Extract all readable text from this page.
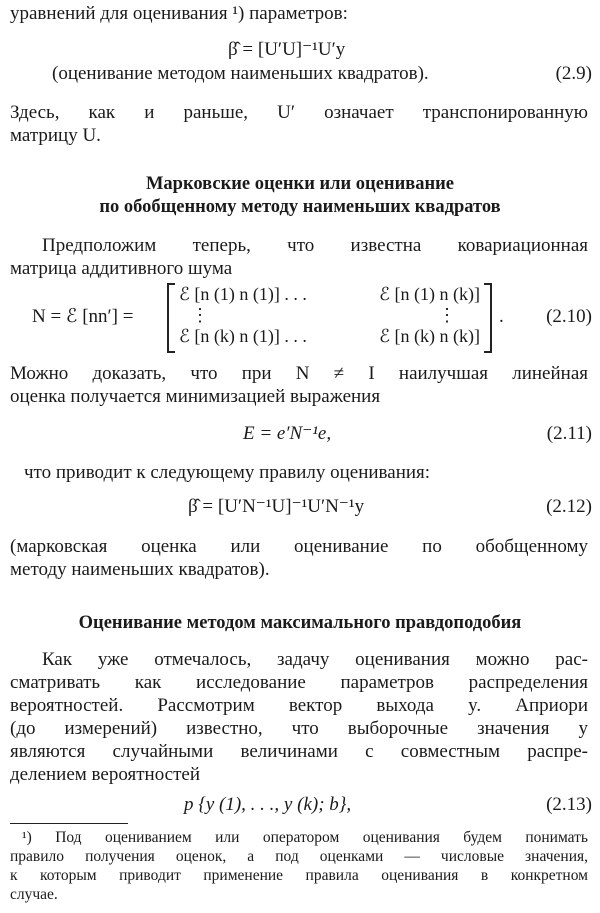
уравнений для оценивания ¹) параметров:
β̂ = [U′U]⁻¹U′y
(оценивание методом наименьших квадратов).	(2.9)
Здесь, как и раньше, U′ означает транспонированную
матрицу U.
Марковские оценки или оценивание
по обобщенному методу наименьших квадратов
Предположим теперь, что известна ковариационная
матрица аддитивного шума
N = ℰ [nn′] =
ℰ [n (1) n (1)] . . .	ℰ [n (1) n (k)]
⋮	⋮
ℰ [n (k) n (1)] . . .	ℰ [n (k) n (k)]
. (2.10)
Можно доказать, что при N ≠ I наилучшая линейная
оценка получается минимизацией выражения
E = e′N⁻¹e,	(2.11)
что приводит к следующему правилу оценивания:
β̂ = [U′N⁻¹U]⁻¹U′N⁻¹y	(2.12)
(марковская оценка или оценивание по обобщенному
методу наименьших квадратов).
Оценивание методом максимального правдоподобия
Как уже отмечалось, задачу оценивания можно рас-
сматривать как исследование параметров распределения
вероятностей. Рассмотрим вектор выхода y. Априори
(до измерений) известно, что выборочные значения y
являются случайными величинами с совместным распре-
делением вероятностей
p {y (1), . . ., y (k); b},	(2.13)
¹) Под оцениванием или оператором оценивания будем понимать
правило получения оценок, а под оценками — числовые значения,
к которым приводит применение правила оценивания в конкретном
случае.
